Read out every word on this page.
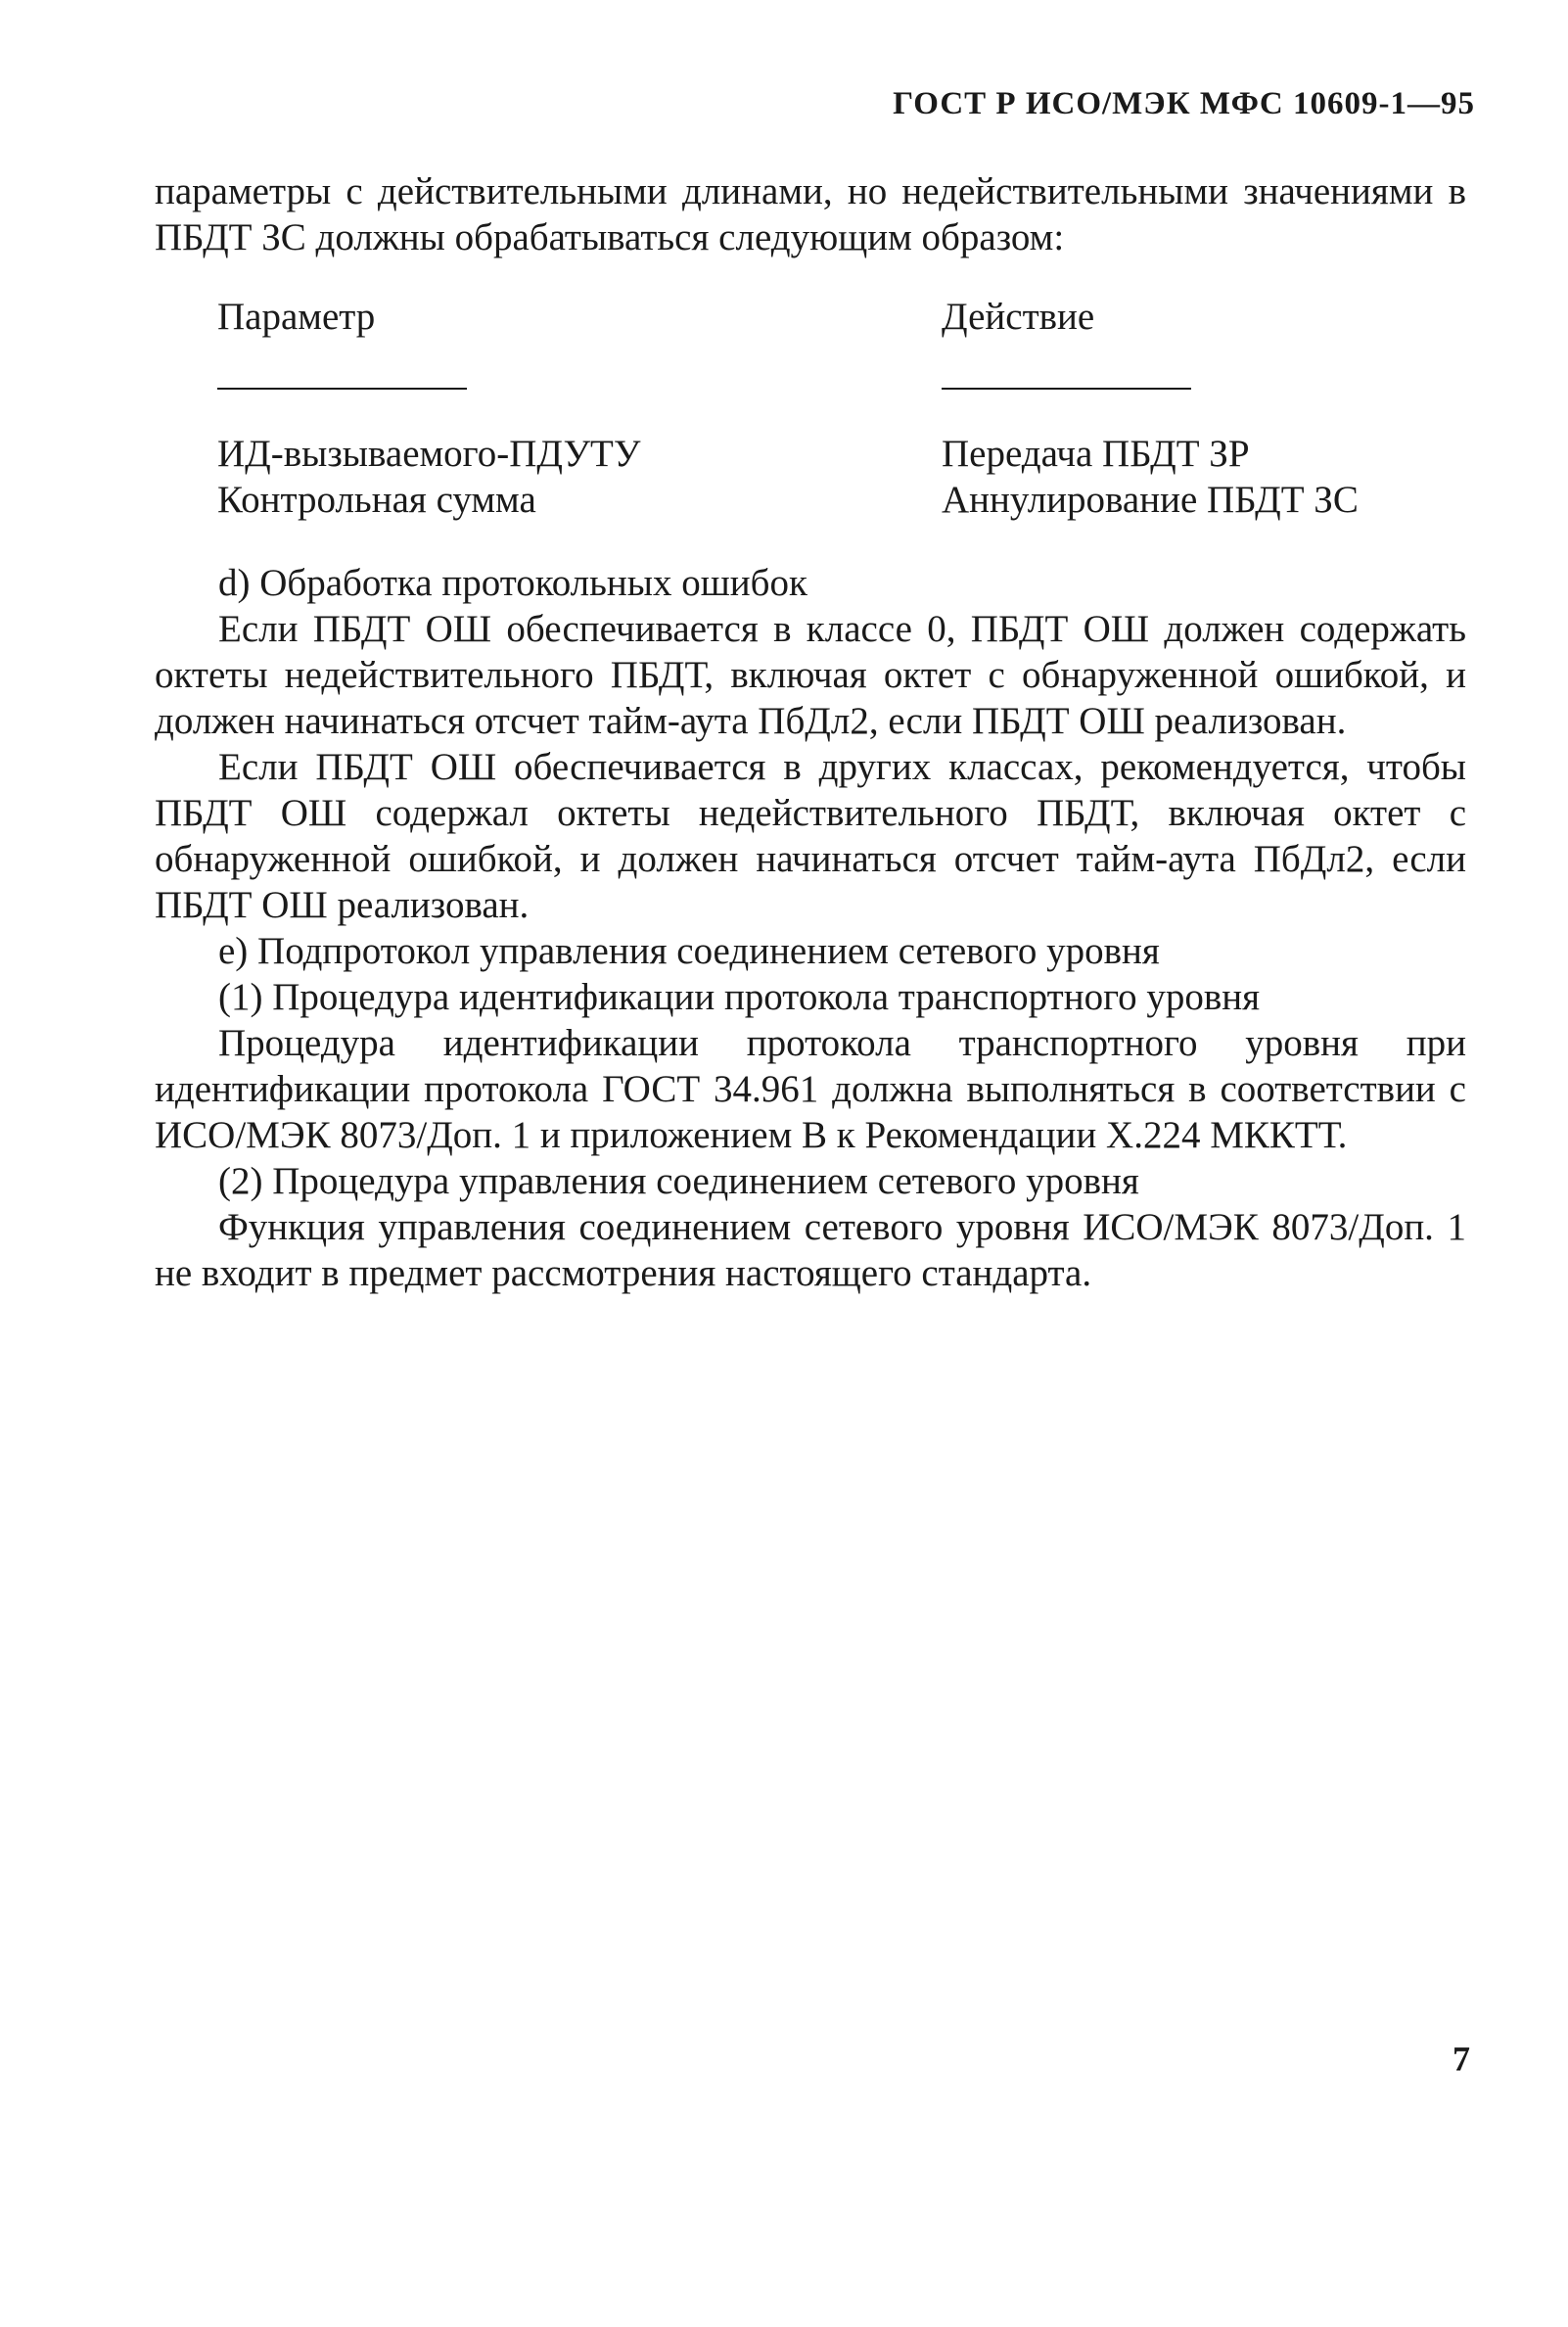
ГОСТ Р ИСО/МЭК МФС 10609-1—95

параметры с действительными длинами, но недействительными значениями в ПБДТ ЗС должны обрабатываться следующим образом:

Параметр	Действие
ИД-вызываемого-ПДУТУ	Передача ПБДТ ЗР
Контрольная сумма	Аннулирование ПБДТ ЗС

d) Обработка протокольных ошибок

Если ПБДТ ОШ обеспечивается в классе 0, ПБДТ ОШ должен содержать октеты недействительного ПБДТ, включая октет с обнаруженной ошибкой, и должен начинаться отсчет тайм-аута ПбДл2, если ПБДТ ОШ реализован.

Если ПБДТ ОШ обеспечивается в других классах, рекомендуется, чтобы ПБДТ ОШ содержал октеты недействительного ПБДТ, включая октет с обнаруженной ошибкой, и должен начинаться отсчет тайм-аута ПбДл2, если ПБДТ ОШ реализован.

e) Подпротокол управления соединением сетевого уровня

(1) Процедура идентификации протокола транспортного уровня

Процедура идентификации протокола транспортного уровня при идентификации протокола ГОСТ 34.961 должна выполняться в соответствии с ИСО/МЭК 8073/Доп. 1 и приложением В к Рекомендации X.224 МККТТ.

(2) Процедура управления соединением сетевого уровня

Функция управления соединением сетевого уровня ИСО/МЭК 8073/Доп. 1 не входит в предмет рассмотрения настоящего стандарта.

7
